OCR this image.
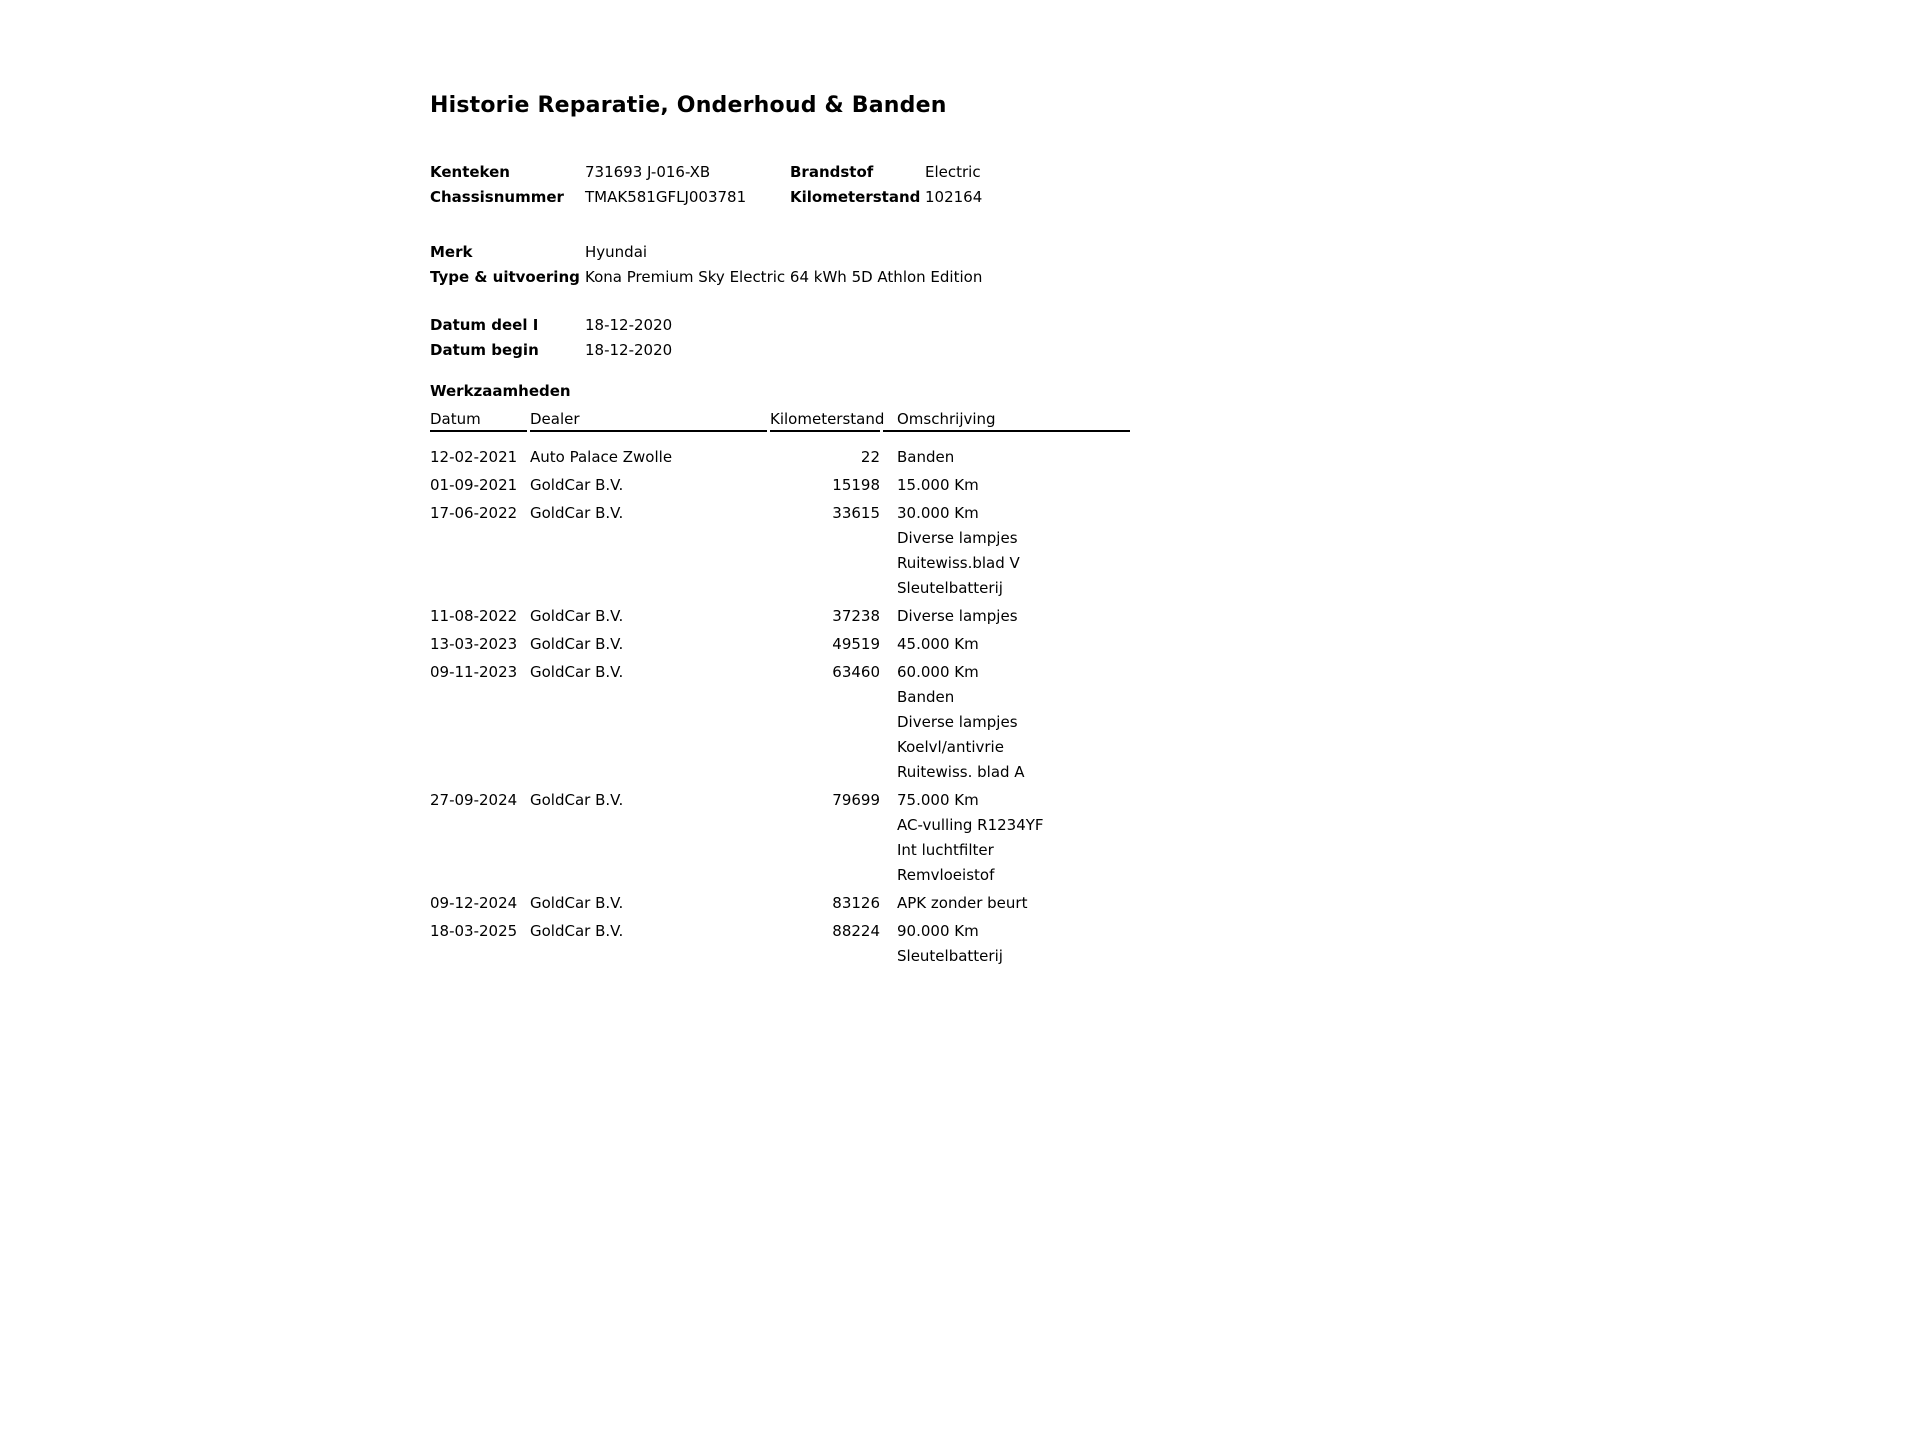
Historie Reparatie, Onderhoud & Banden
Kenteken	731693 J-016-XB	Brandstof	Electric
Chassisnummer	TMAK581GFLJ003781	Kilometerstand 102164
Merk	Hyundai
Type & uitvoering Kona Premium Sky Electric 64 kWh 5D Athlon Edition
Datum deel I	18-12-2020
Datum begin	18-12-2020
Werkzaamheden
Datum	Dealer	Kilometerstand	Omschrijving
12-02-2021	Auto Palace Zwolle	22	Banden

01-09-2021	GoldCar B.V.	15198	15.000 Km

17-06-2022	GoldCar B.V.	33615	30.000 Km
Diverse lampjes
Ruitewiss.blad V
Sleutelbatterij

11-08-2022	GoldCar B.V.	37238	Diverse lampjes

13-03-2023	GoldCar B.V.	49519	45.000 Km

09-11-2023	GoldCar B.V.	63460	60.000 Km
Banden
Diverse lampjes
Koelvl/antivrie
Ruitewiss. blad A

27-09-2024	GoldCar B.V.	79699	75.000 Km
AC-vulling R1234YF
Int luchtfilter
Remvloeistof

09-12-2024	GoldCar B.V.	83126	APK zonder beurt

18-03-2025	GoldCar B.V.	88224	90.000 Km
Sleutelbatterij
